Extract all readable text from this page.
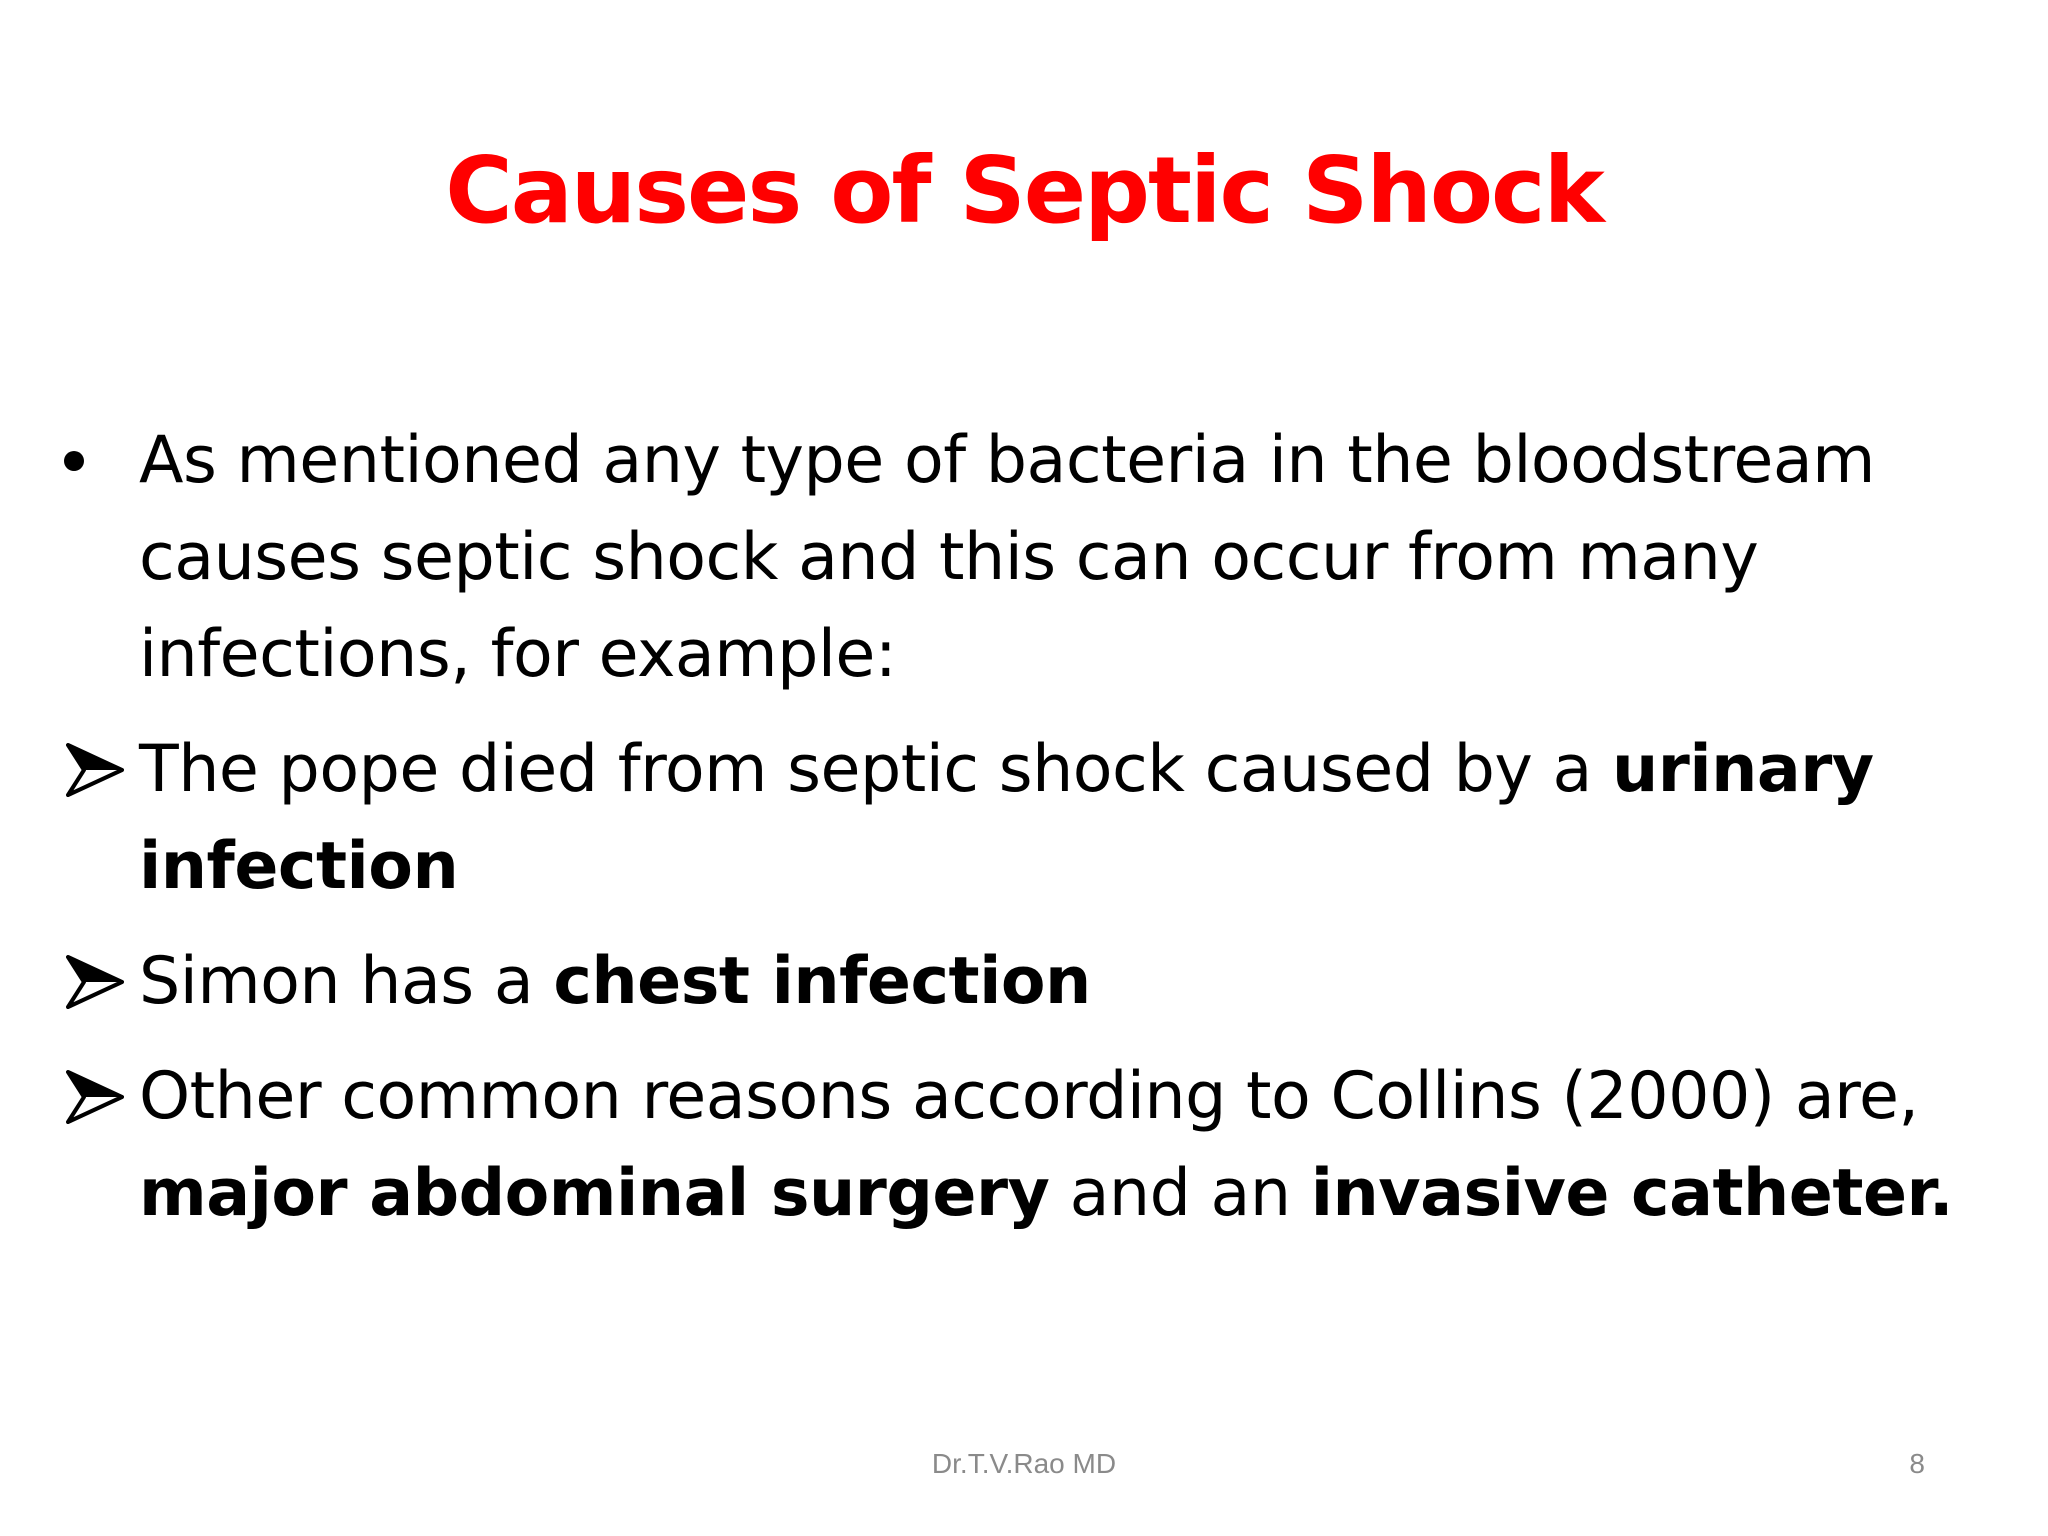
Causes of Septic Shock
As mentioned any type of bacteria in the bloodstream causes septic shock and this can occur from many infections, for example:
The pope died from septic shock caused by a urinary infection
Simon has a chest infection
Other common reasons according to Collins (2000) are, major abdominal surgery and an invasive catheter.
Dr.T.V.Rao MD	8
